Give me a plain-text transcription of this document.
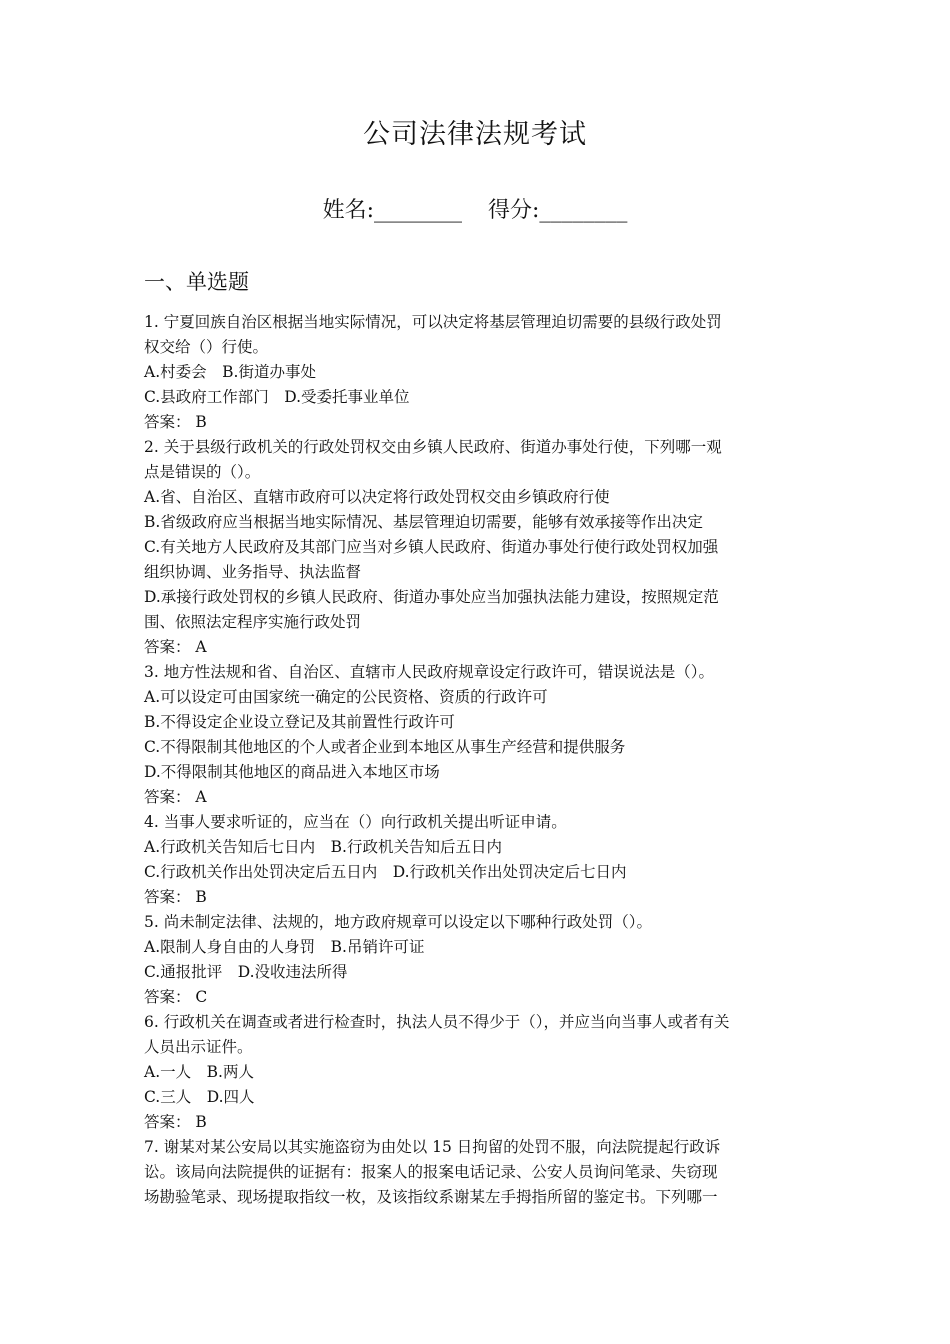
公司法律法规考试
姓名:________ 得分:________
一、单选题

1. 宁夏回族自治区根据当地实际情况，可以决定将基层管理迫切需要的县级行政处罚

权交给（）行使。

A.村委会　B.街道办事处

C.县政府工作部门　D.受委托事业单位

答案： B

2. 关于县级行政机关的行政处罚权交由乡镇人民政府、街道办事处行使，下列哪一观

点是错误的（）。

A.省、自治区、直辖市政府可以决定将行政处罚权交由乡镇政府行使

B.省级政府应当根据当地实际情况、基层管理迫切需要，能够有效承接等作出决定

C.有关地方人民政府及其部门应当对乡镇人民政府、街道办事处行使行政处罚权加强

组织协调、业务指导、执法监督

D.承接行政处罚权的乡镇人民政府、街道办事处应当加强执法能力建设，按照规定范

围、依照法定程序实施行政处罚

答案： A

3. 地方性法规和省、自治区、直辖市人民政府规章设定行政许可，错误说法是（）。

A.可以设定可由国家统一确定的公民资格、资质的行政许可

B.不得设定企业设立登记及其前置性行政许可

C.不得限制其他地区的个人或者企业到本地区从事生产经营和提供服务

D.不得限制其他地区的商品进入本地区市场

答案： A

4. 当事人要求听证的，应当在（）向行政机关提出听证申请。

A.行政机关告知后七日内　B.行政机关告知后五日内

C.行政机关作出处罚决定后五日内　D.行政机关作出处罚决定后七日内

答案： B

5. 尚未制定法律、法规的，地方政府规章可以设定以下哪种行政处罚（）。

A.限制人身自由的人身罚　B.吊销许可证

C.通报批评　D.没收违法所得

答案： C

6. 行政机关在调查或者进行检查时，执法人员不得少于（），并应当向当事人或者有关

人员出示证件。

A.一人　B.两人

C.三人　D.四人

答案： B

7. 谢某对某公安局以其实施盗窃为由处以 15 日拘留的处罚不服，向法院提起行政诉

讼。该局向法院提供的证据有：报案人的报案电话记录、公安人员询问笔录、失窃现

场勘验笔录、现场提取指纹一枚，及该指纹系谢某左手拇指所留的鉴定书。下列哪一
